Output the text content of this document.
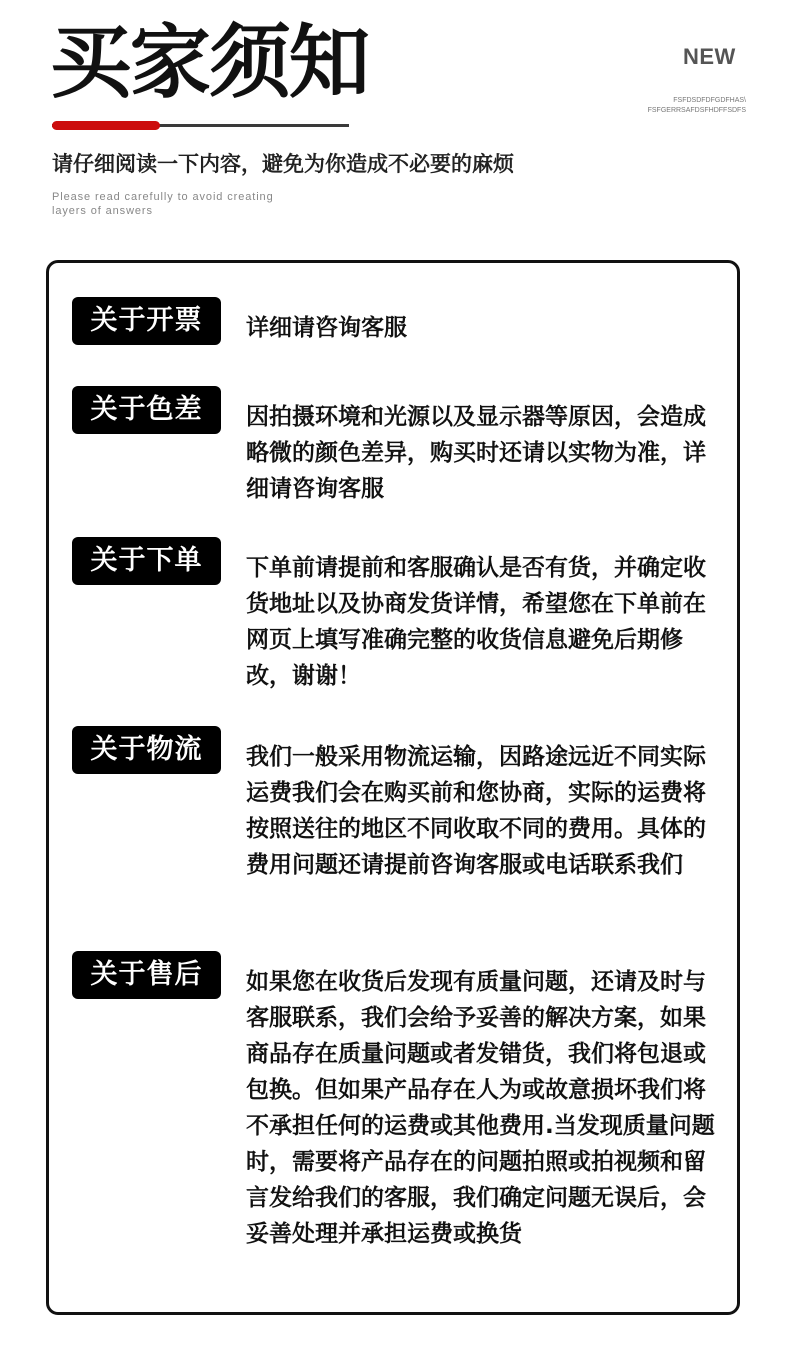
买家须知	NEW
FSFDSDFDFGDFHAS\
FSFGERRSAFDSFHDFFSDFS
请仔细阅读一下内容，避免为你造成不必要的麻烦
Please read carefully to avoid creating layers of answers
关于开票	详细请咨询客服

关于色差	因拍摄环境和光源以及显示器等原因，会造成略微的颜色差异，购买时还请以实物为准，详细请咨询客服

关于下单	下单前请提前和客服确认是否有货，并确定收货地址以及协商发货详情，希望您在下单前在网页上填写准确完整的收货信息避免后期修改，谢谢！

关于物流	我们一般采用物流运输，因路途远近不同实际运费我们会在购买前和您协商，实际的运费将按照送往的地区不同收取不同的费用。具体的费用问题还请提前咨询客服或电话联系我们

关于售后	如果您在收货后发现有质量问题，还请及时与客服联系，我们会给予妥善的解决方案，如果商品存在质量问题或者发错货，我们将包退或包换。但如果产品存在人为或故意损坏我们将不承担任何的运费或其他费用.当发现质量问题时，需要将产品存在的问题拍照或拍视频和留言发给我们的客服，我们确定问题无误后，会妥善处理并承担运费或换货
